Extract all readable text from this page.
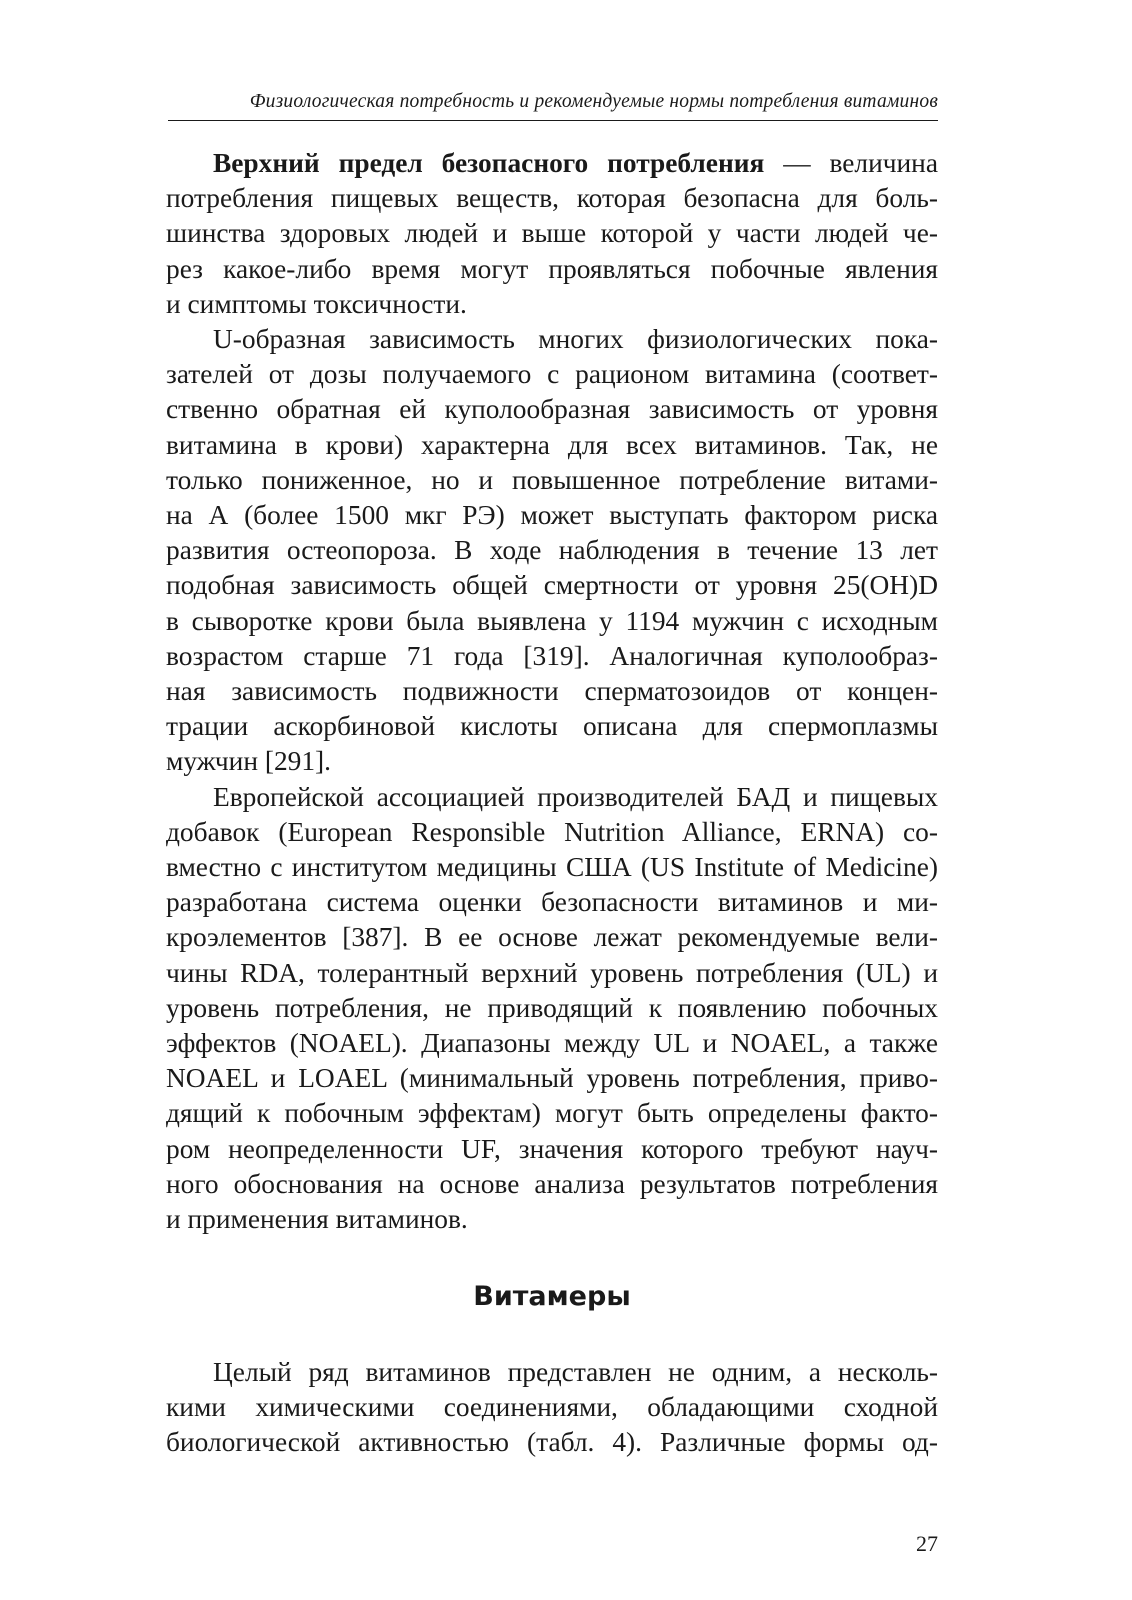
Физиологическая потребность и рекомендуемые нормы потребления витаминов
Верхний предел безопасного потребления — величина
потребления пищевых веществ, которая безопасна для боль-
шинства здоровых людей и выше которой у части людей че-
рез какое-либо время могут проявляться побочные явления
и симптомы токсичности.
U-образная зависимость многих физиологических пока-
зателей от дозы получаемого с рационом витамина (соответ-
ственно обратная ей куполообразная зависимость от уровня
витамина в крови) характерна для всех витаминов. Так, не
только пониженное, но и повышенное потребление витами-
на А (более 1500 мкг РЭ) может выступать фактором риска
развития остеопороза. В ходе наблюдения в течение 13 лет
подобная зависимость общей смертности от уровня 25(OH)D
в сыворотке крови была выявлена у 1194 мужчин с исходным
возрастом старше 71 года [319]. Аналогичная куполообраз-
ная зависимость подвижности сперматозоидов от концен-
трации аскорбиновой кислоты описана для спермоплазмы
мужчин [291].
Европейской ассоциацией производителей БАД и пищевых
добавок (European Responsible Nutrition Alliance, ERNA) со-
вместно с институтом медицины США (US Institute of Medicine)
разработана система оценки безопасности витаминов и ми-
кроэлементов [387]. В ее основе лежат рекомендуемые вели-
чины RDA, толерантный верхний уровень потребления (UL) и
уровень потребления, не приводящий к появлению побочных
эффектов (NOAEL). Диапазоны между UL и NOAEL, а также
NOAEL и LOAEL (минимальный уровень потребления, приво-
дящий к побочным эффектам) могут быть определены факто-
ром неопределенности UF, значения которого требуют науч-
ного обоснования на основе анализа результатов потребления
и применения витаминов.
Витамеры
Целый ряд витаминов представлен не одним, а несколь-
кими химическими соединениями, обладающими сходной
биологической активностью (табл. 4). Различные формы од-
27
